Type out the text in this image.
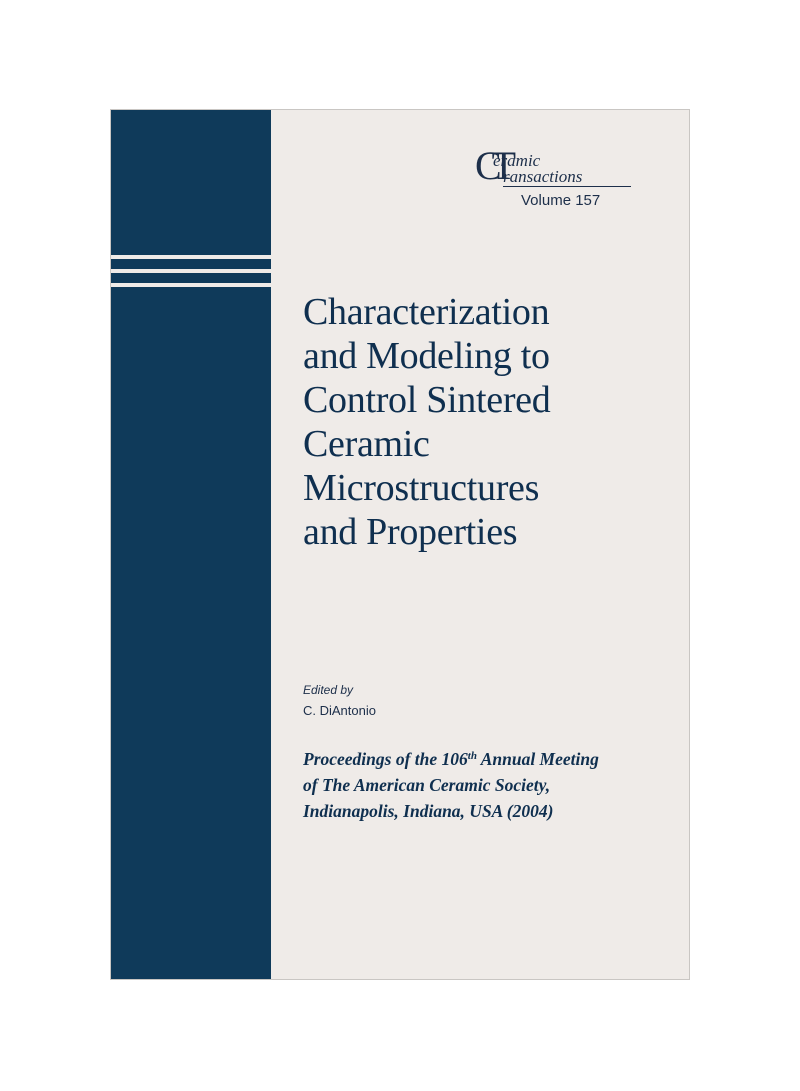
CT
eramic
ransactions
Volume 157
Characterization
and Modeling to
Control Sintered
Ceramic
Microstructures
and Properties
Edited by
C. DiAntonio
Proceedings of the 106th Annual Meeting
of The American Ceramic Society,
Indianapolis, Indiana, USA (2004)
